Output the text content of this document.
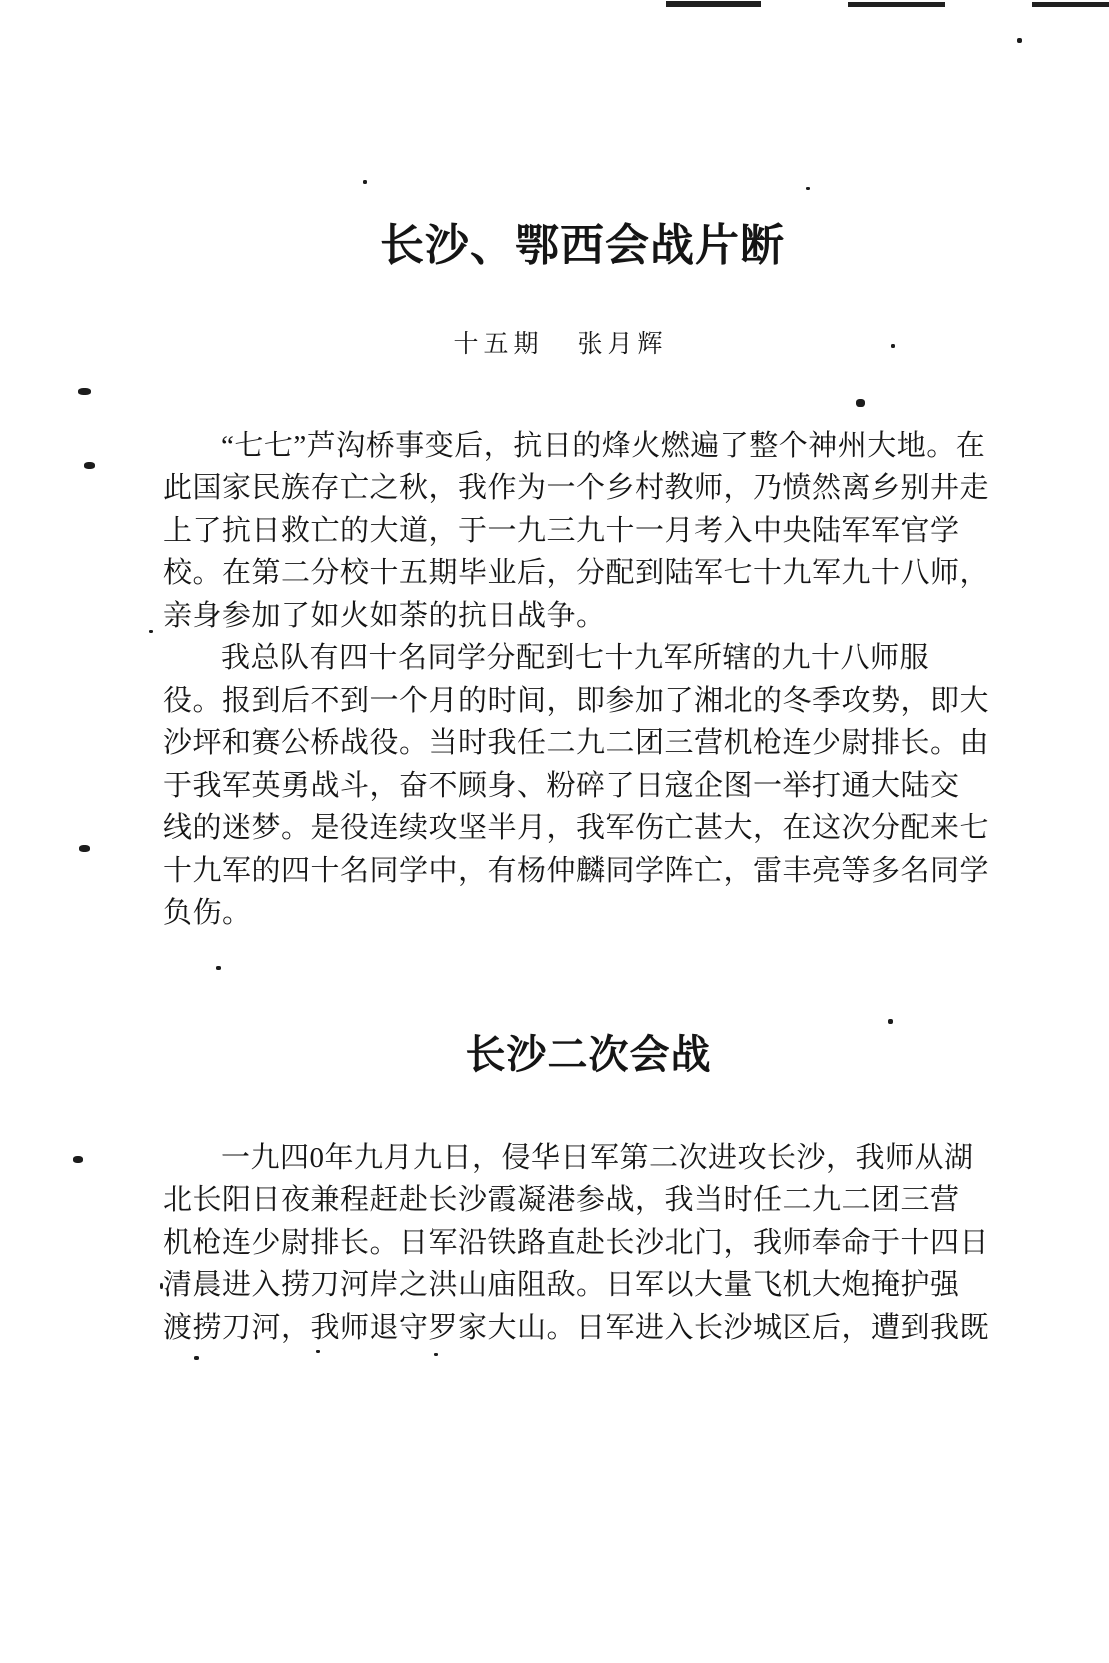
长沙、鄂西会战片断
十五期 张月辉
“七七”芦沟桥事变后，抗日的烽火燃遍了整个神州大地。在
此国家民族存亡之秋，我作为一个乡村教师，乃愤然离乡别井走
上了抗日救亡的大道，于一九三九十一月考入中央陆军军官学
校。在第二分校十五期毕业后，分配到陆军七十九军九十八师，
亲身参加了如火如荼的抗日战争。
我总队有四十名同学分配到七十九军所辖的九十八师服
役。报到后不到一个月的时间，即参加了湘北的冬季攻势，即大
沙坪和赛公桥战役。当时我任二九二团三营机枪连少尉排长。由
于我军英勇战斗，奋不顾身、粉碎了日寇企图一举打通大陆交
线的迷梦。是役连续攻坚半月，我军伤亡甚大，在这次分配来七
十九军的四十名同学中，有杨仲麟同学阵亡，雷丰亮等多名同学
负伤。
长沙二次会战
一九四0年九月九日，侵华日军第二次进攻长沙，我师从湖
北长阳日夜兼程赶赴长沙霞凝港参战，我当时任二九二团三营
机枪连少尉排长。日军沿铁路直赴长沙北门，我师奉命于十四日
清晨进入捞刀河岸之洪山庙阻敌。日军以大量飞机大炮掩护强
渡捞刀河，我师退守罗家大山。日军进入长沙城区后，遭到我既
